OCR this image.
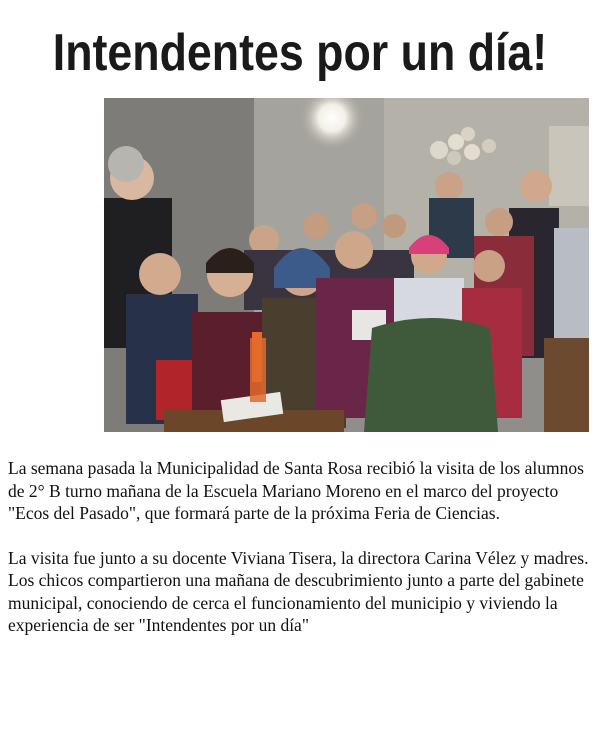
Intendentes por un día!

La semana pasada la Municipalidad de Santa Rosa recibió la visita de los alumnos de 2° B turno mañana de la Escuela Mariano Moreno en el marco del proyecto "Ecos del Pasado", que formará parte de la próxima Feria de Ciencias.

La visita fue junto a su docente Viviana Tisera, la directora Carina Vélez y madres.
Los chicos compartieron una mañana de descubrimiento junto a parte del gabinete municipal, conociendo de cerca el funcionamiento del municipio y viviendo la experiencia de ser "Intendentes por un día"
